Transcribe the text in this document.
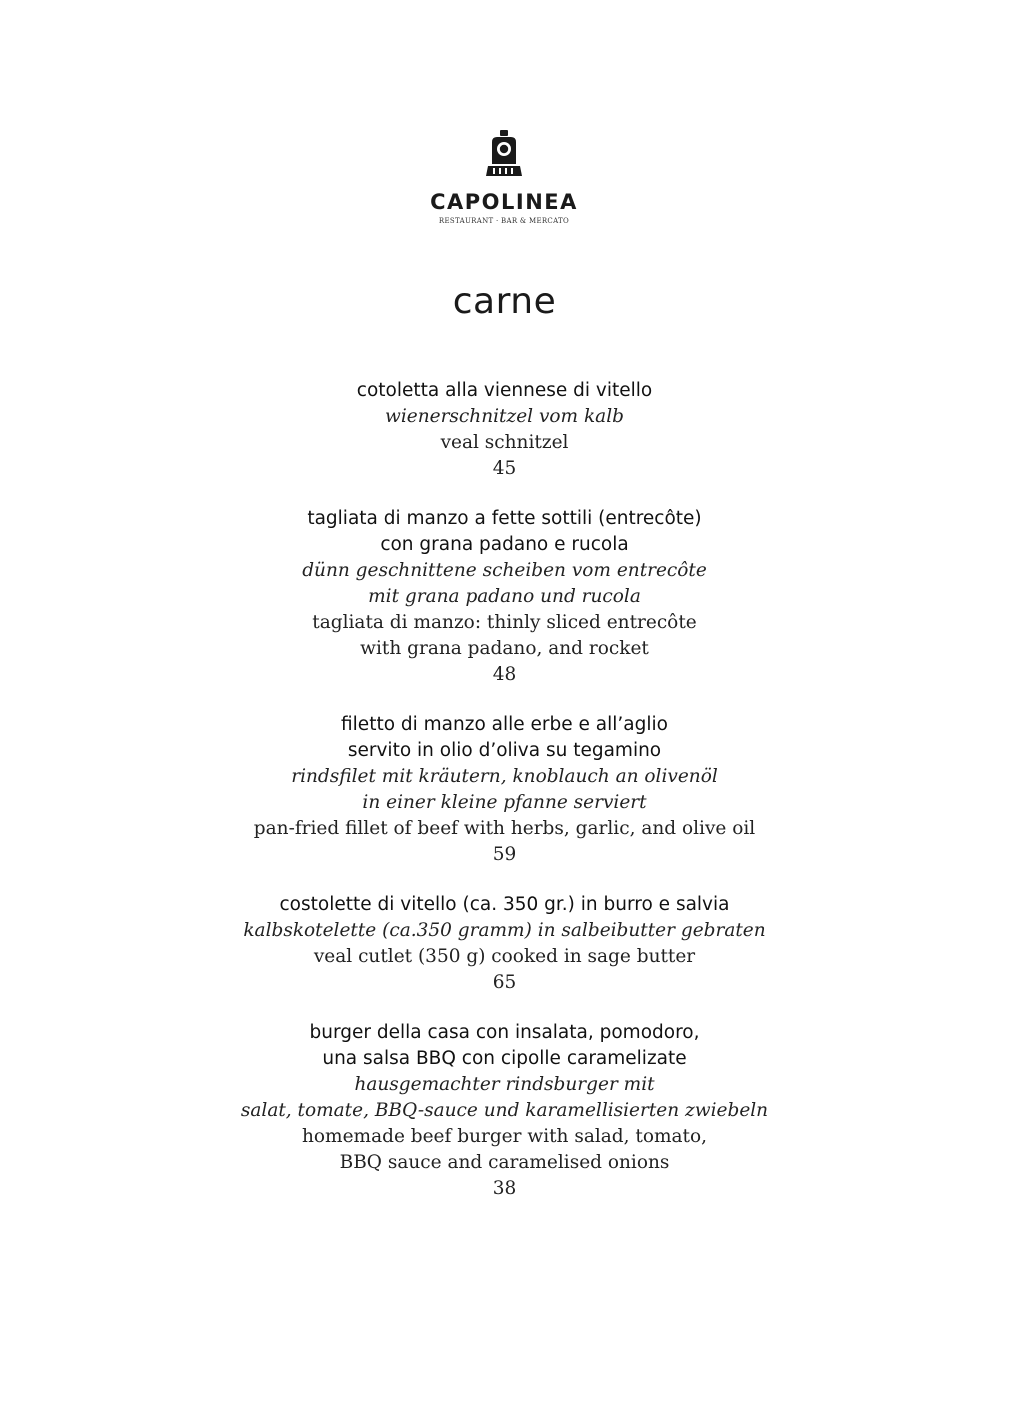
CAPOLINEA
RESTAURANT · BAR & MERCATO
carne
cotoletta alla viennese di vitello
wienerschnitzel vom kalb
veal schnitzel
45
tagliata di manzo a fette sottili (entrecôte)
con grana padano e rucola
dünn geschnittene scheiben vom entrecôte
mit grana padano und rucola
tagliata di manzo: thinly sliced entrecôte
with grana padano, and rocket
48
filetto di manzo alle erbe e all’aglio
servito in olio d’oliva su tegamino
rindsfilet mit kräutern, knoblauch an olivenöl
in einer kleine pfanne serviert
pan-fried fillet of beef with herbs, garlic, and olive oil
59
costolette di vitello (ca. 350 gr.) in burro e salvia
kalbskotelette (ca.350 gramm) in salbeibutter gebraten
veal cutlet (350 g) cooked in sage butter
65
burger della casa con insalata, pomodoro,
una salsa BBQ con cipolle caramelizate
hausgemachter rindsburger mit
salat, tomate, BBQ-sauce und karamellisierten zwiebeln
homemade beef burger with salad, tomato,
BBQ sauce and caramelised onions
38
